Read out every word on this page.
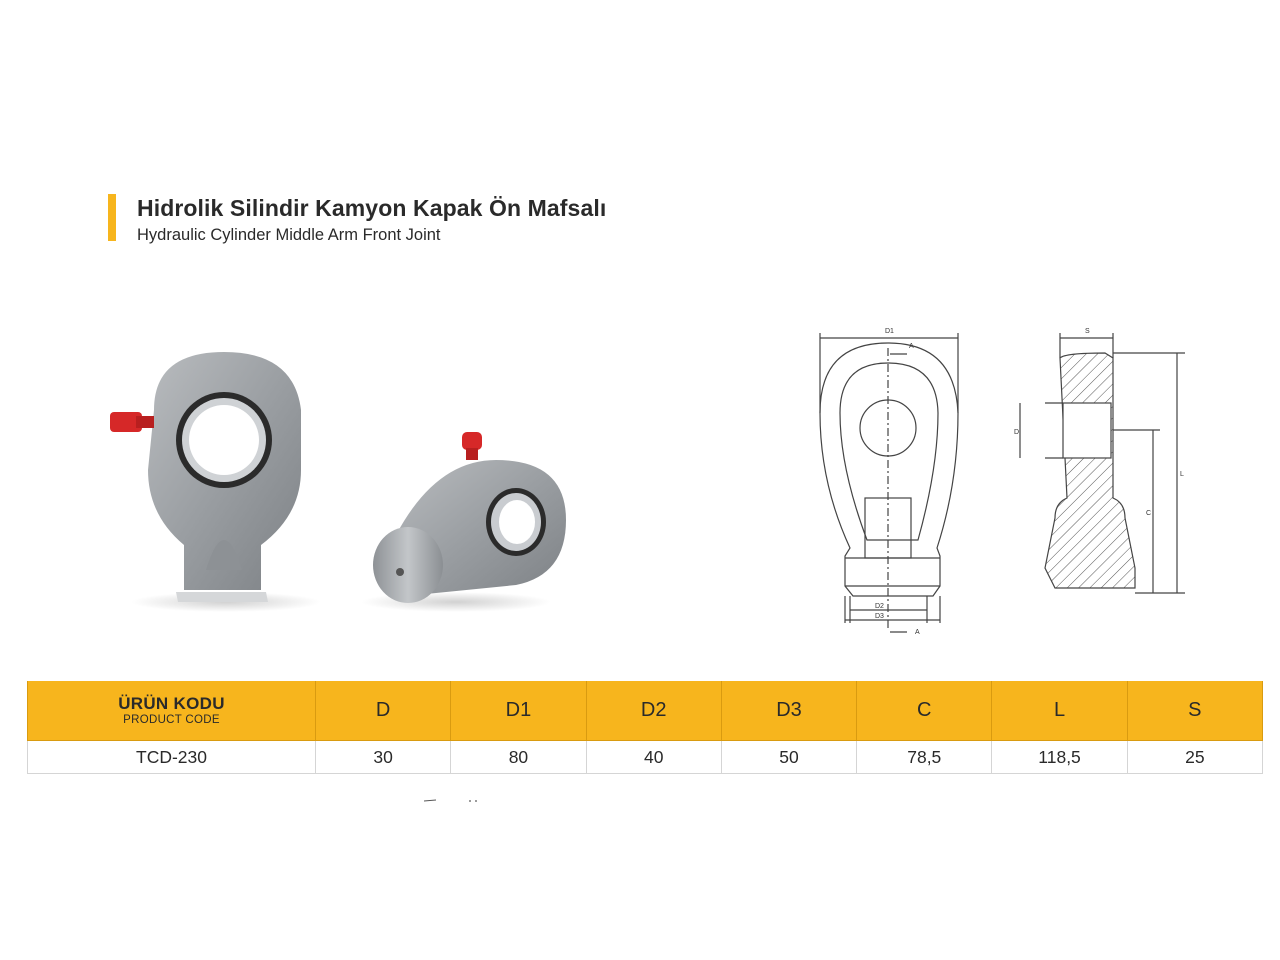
Hidrolik Silindir Kamyon Kapak Ön Mafsalı
Hydraulic Cylinder Middle Arm Front Joint
D1
A
D2
D3
A
S
D
L
C
ÜRÜN KODU
PRODUCT CODE	D	D1	D2	D3	C	L	S
TCD-230	30	80	40	50	78,5	118,5	25
